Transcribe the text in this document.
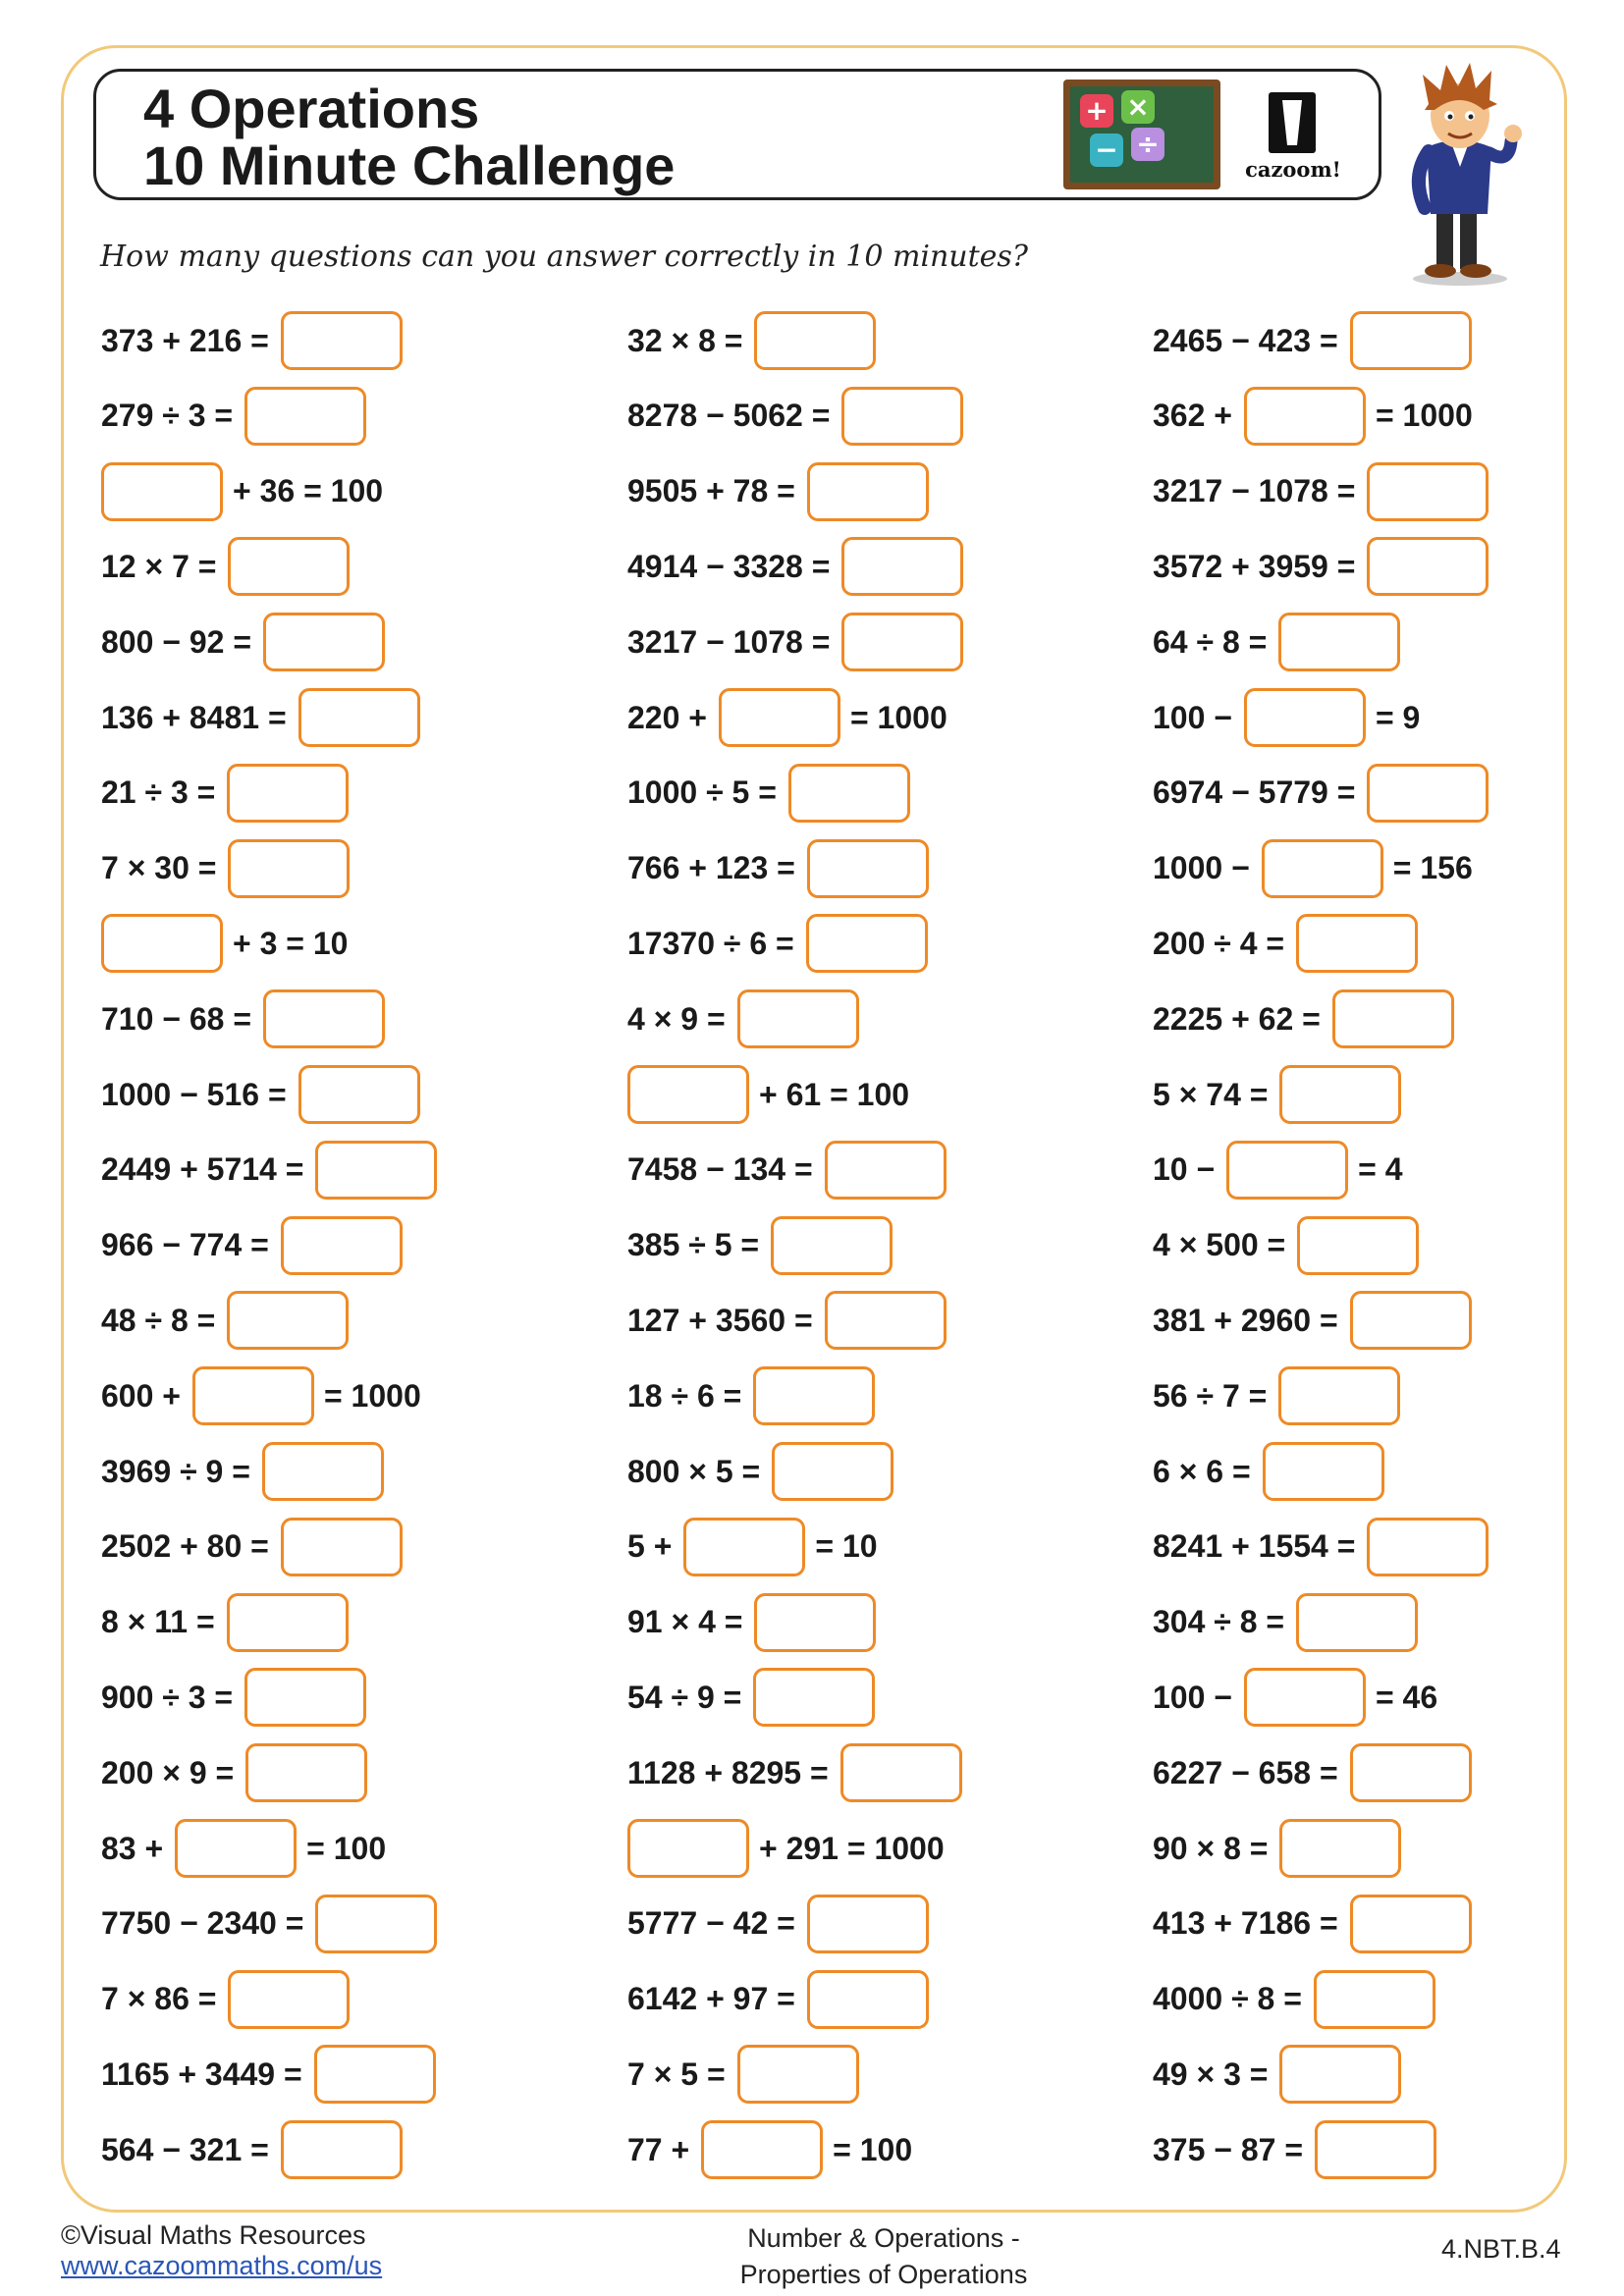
4 Operations
10 Minute Challenge
+ ×
− ÷
cazoom!
How many questions can you answer correctly in 10 minutes?
373 + 216 =
279 ÷ 3 =
+ 36 = 100
12 × 7 =
800 − 92 =
136 + 8481 =
21 ÷ 3 =
7 × 30 =
+ 3 = 10
710 − 68 =
1000 − 516 =
2449 + 5714 =
966 − 774 =
48 ÷ 8 =
600 +	= 1000
3969 ÷ 9 =
2502 + 80 =
8 × 11 =
900 ÷ 3 =
200 × 9 =
83 +	= 100
7750 − 2340 =
7 × 86 =
1165 + 3449 =
564 − 321 =
32 × 8 =
8278 − 5062 =
9505 + 78 =
4914 − 3328 =
3217 − 1078 =
220 +	= 1000
1000 ÷ 5 =
766 + 123 =
17370 ÷ 6 =
4 × 9 =
+ 61 = 100
7458 − 134 =
385 ÷ 5 =
127 + 3560 =
18 ÷ 6 =
800 × 5 =
5 +	= 10
91 × 4 =
54 ÷ 9 =
1128 + 8295 =
+ 291 = 1000
5777 − 42 =
6142 + 97 =
7 × 5 =
77 +	= 100
2465 − 423 =
362 +	= 1000
3217 − 1078 =
3572 + 3959 =
64 ÷ 8 =
100 −	= 9
6974 − 5779 =
1000 −	= 156
200 ÷ 4 =
2225 + 62 =
5 × 74 =
10 −	= 4
4 × 500 =
381 + 2960 =
56 ÷ 7 =
6 × 6 =
8241 + 1554 =
304 ÷ 8 =
100 −	= 46
6227 − 658 =
90 × 8 =
413 + 7186 =
4000 ÷ 8 =
49 × 3 =
375 − 87 =
©Visual Maths Resources
www.cazoommaths.com/us
Number & Operations -
Properties of Operations
4.NBT.B.4
